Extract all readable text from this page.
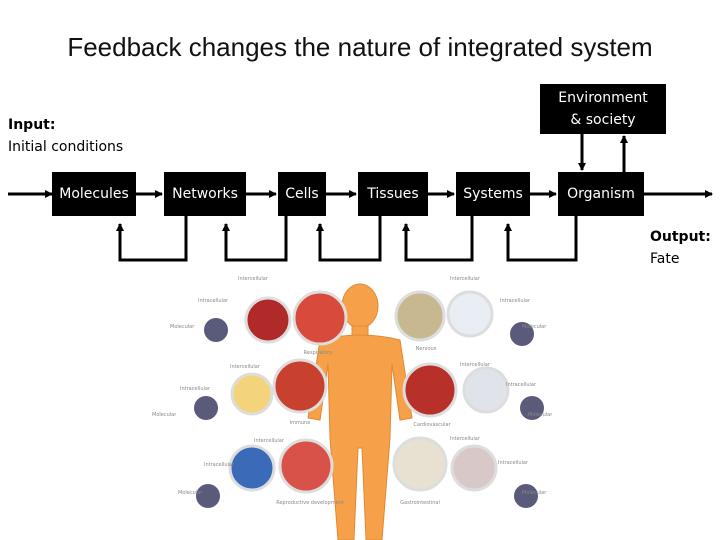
Feedback changes the nature of integrated system
Input:
Initial conditions
Output:
Fate
Environment
& society
Molecules	Networks	Cells	Tissues	Systems	Organism
Respiratory
Nervous
Immune	Cardiovascular
Reproductive development	Gastrointestinal
Intercellular
Intracellular
Molecular
Intercellular
Intracellular
Molecular
Intercellular
Intracellular
Molecular
Intercellular
Intracellular
Molecular
Intercellular
Intracellular
Molecular
Intercellular
Intracellular
Molecular
